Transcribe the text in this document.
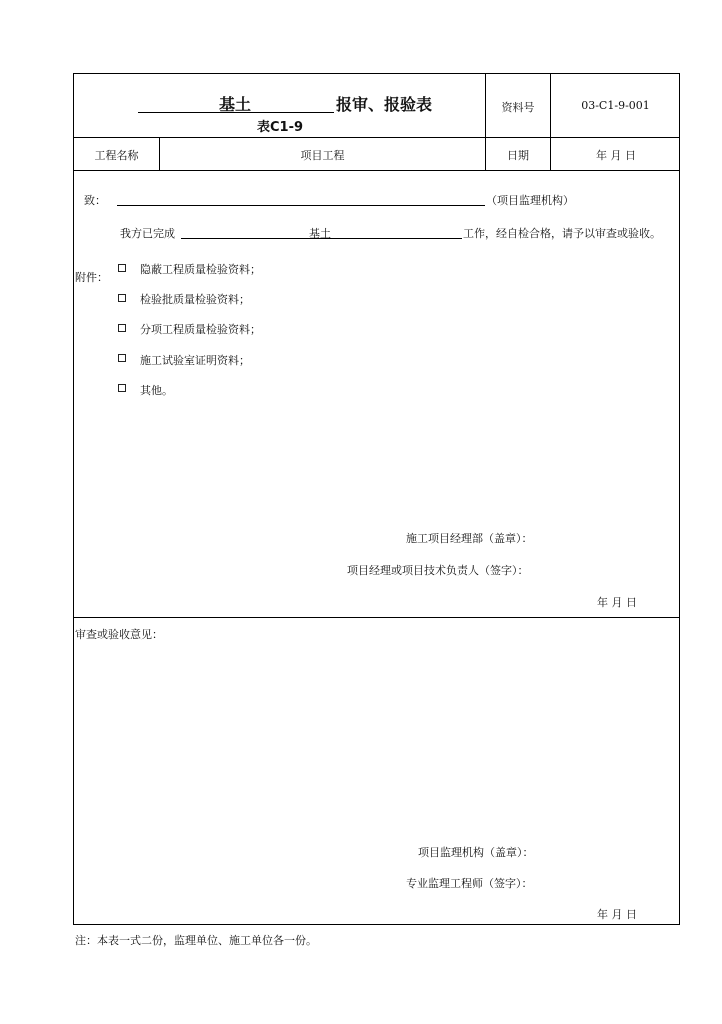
基土	报审、报验表
表C1-9
资料号	03-C1-9-001
工程名称	项目工程	日期	年 月 日
致：	（项目监理机构）
我方已完成	基土	工作，经自检合格，请予以审查或验收。
附件：
隐蔽工程质量检验资料；
检验批质量检验资料；
分项工程质量检验资料；
施工试验室证明资料；
其他。
施工项目经理部（盖章）：
项目经理或项目技术负责人（签字）：
年 月 日
审查或验收意见：
项目监理机构（盖章）：
专业监理工程师（签字）：
年 月 日
注：本表一式二份，监理单位、施工单位各一份。
